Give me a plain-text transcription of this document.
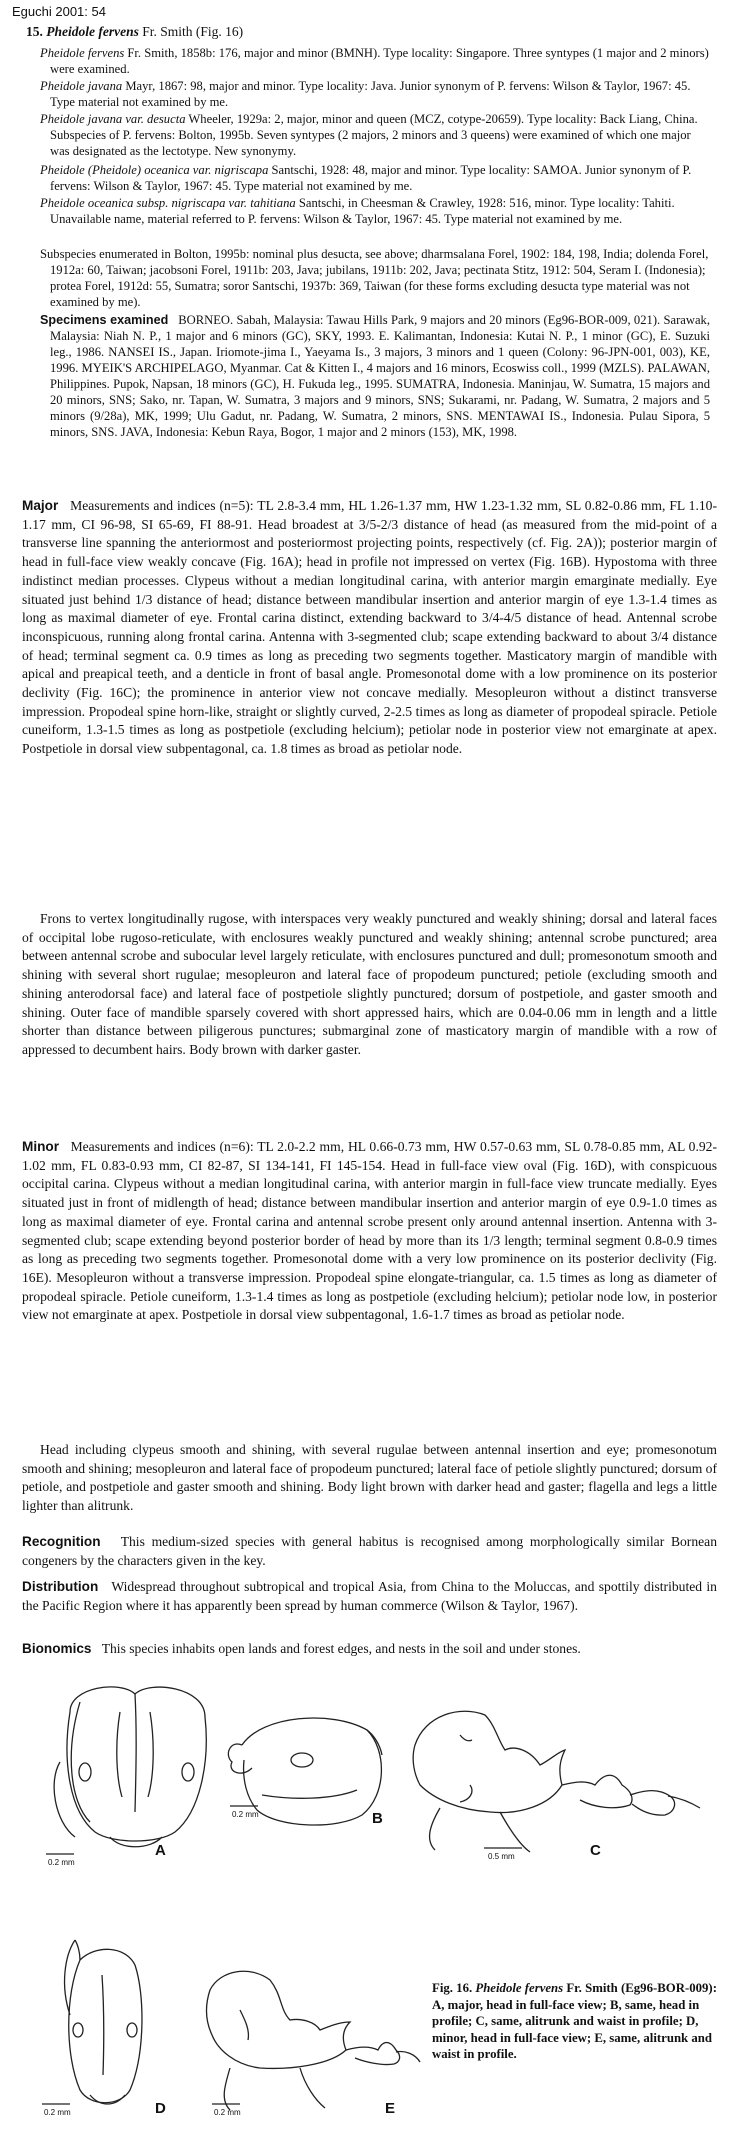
Eguchi 2001: 54
15. Pheidole fervens Fr. Smith (Fig. 16)
Pheidole fervens Fr. Smith, 1858b: 176, major and minor (BMNH). Type locality: Singapore. Three syntypes (1 major and 2 minors) were examined.
Pheidole javana Mayr, 1867: 98, major and minor. Type locality: Java. Junior synonym of P. fervens: Wilson & Taylor, 1967: 45. Type material not examined by me.
Pheidole javana var. desucta Wheeler, 1929a: 2, major, minor and queen (MCZ, cotype-20659). Type locality: Back Liang, China. Subspecies of P. fervens: Bolton, 1995b. Seven syntypes (2 majors, 2 minors and 3 queens) were examined of which one major was designated as the lectotype. New synonymy.
Pheidole (Pheidole) oceanica var. nigriscapa Santschi, 1928: 48, major and minor. Type locality: SAMOA. Junior synonym of P. fervens: Wilson & Taylor, 1967: 45. Type material not examined by me.
Pheidole oceanica subsp. nigriscapa var. tahitiana Santschi, in Cheesman & Crawley, 1928: 516, minor. Type locality: Tahiti. Unavailable name, material referred to P. fervens: Wilson & Taylor, 1967: 45. Type material not examined by me.
Subspecies enumerated in Bolton, 1995b: nominal plus desucta, see above; dharmsalana Forel, 1902: 184, 198, India; dolenda Forel, 1912a: 60, Taiwan; jacobsoni Forel, 1911b: 203, Java; jubilans, 1911b: 202, Java; pectinata Stitz, 1912: 504, Seram I. (Indonesia); protea Forel, 1912d: 55, Sumatra; soror Santschi, 1937b: 369, Taiwan (for these forms excluding desucta type material was not examined by me).
Specimens examined BORNEO. Sabah, Malaysia: Tawau Hills Park, 9 majors and 20 minors (Eg96-BOR-009, 021). Sarawak, Malaysia: Niah N. P., 1 major and 6 minors (GC), SKY, 1993. E. Kalimantan, Indonesia: Kutai N. P., 1 minor (GC), E. Suzuki leg., 1986. NANSEI IS., Japan. Iriomote-jima I., Yaeyama Is., 3 majors, 3 minors and 1 queen (Colony: 96-JPN-001, 003), KE, 1996. MYEIK'S ARCHIPELAGO, Myanmar. Cat & Kitten I., 4 majors and 16 minors, Ecoswiss coll., 1999 (MZLS). PALAWAN, Philippines. Pupok, Napsan, 18 minors (GC), H. Fukuda leg., 1995. SUMATRA, Indonesia. Maninjau, W. Sumatra, 15 majors and 20 minors, SNS; Sako, nr. Tapan, W. Sumatra, 3 majors and 9 minors, SNS; Sukarami, nr. Padang, W. Sumatra, 2 majors and 5 minors (9/28a), MK, 1999; Ulu Gadut, nr. Padang, W. Sumatra, 2 minors, SNS. MENTAWAI IS., Indonesia. Pulau Sipora, 5 minors, SNS. JAVA, Indonesia: Kebun Raya, Bogor, 1 major and 2 minors (153), MK, 1998.
Major Measurements and indices (n=5): TL 2.8-3.4 mm, HL 1.26-1.37 mm, HW 1.23-1.32 mm, SL 0.82-0.86 mm, FL 1.10-1.17 mm, CI 96-98, SI 65-69, FI 88-91. Head broadest at 3/5-2/3 distance of head (as measured from the mid-point of a transverse line spanning the anteriormost and posteriormost projecting points, respectively (cf. Fig. 2A)); posterior margin of head in full-face view weakly concave (Fig. 16A); head in profile not impressed on vertex (Fig. 16B). Hypostoma with three indistinct median processes. Clypeus without a median longitudinal carina, with anterior margin emarginate medially. Eye situated just behind 1/3 distance of head; distance between mandibular insertion and anterior margin of eye 1.3-1.4 times as long as maximal diameter of eye. Frontal carina distinct, extending backward to 3/4-4/5 distance of head. Antennal scrobe inconspicuous, running along frontal carina. Antenna with 3-segmented club; scape extending backward to about 3/4 distance of head; terminal segment ca. 0.9 times as long as preceding two segments together. Masticatory margin of mandible with apical and preapical teeth, and a denticle in front of basal angle. Promesonotal dome with a low prominence on its posterior declivity (Fig. 16C); the prominence in anterior view not concave medially. Mesopleuron without a distinct transverse impression. Propodeal spine horn-like, straight or slightly curved, 2-2.5 times as long as diameter of propodeal spiracle. Petiole cuneiform, 1.3-1.5 times as long as postpetiole (excluding helcium); petiolar node in posterior view not emarginate at apex. Postpetiole in dorsal view subpentagonal, ca. 1.8 times as broad as petiolar node.
Frons to vertex longitudinally rugose, with interspaces very weakly punctured and weakly shining; dorsal and lateral faces of occipital lobe rugoso-reticulate, with enclosures weakly punctured and weakly shining; antennal scrobe punctured; area between antennal scrobe and subocular level largely reticulate, with enclosures punctured and dull; promesonotum smooth and shining with several short rugulae; mesopleuron and lateral face of propodeum punctured; petiole (excluding smooth and shining anterodorsal face) and lateral face of postpetiole slightly punctured; dorsum of postpetiole, and gaster smooth and shining. Outer face of mandible sparsely covered with short appressed hairs, which are 0.04-0.06 mm in length and a little shorter than distance between piligerous punctures; submarginal zone of masticatory margin of mandible with a row of appressed to decumbent hairs. Body brown with darker gaster.
Minor Measurements and indices (n=6): TL 2.0-2.2 mm, HL 0.66-0.73 mm, HW 0.57-0.63 mm, SL 0.78-0.85 mm, AL 0.92-1.02 mm, FL 0.83-0.93 mm, CI 82-87, SI 134-141, FI 145-154. Head in full-face view oval (Fig. 16D), with conspicuous occipital carina. Clypeus without a median longitudinal carina, with anterior margin in full-face view truncate medially. Eyes situated just in front of midlength of head; distance between mandibular insertion and anterior margin of eye 0.9-1.0 times as long as maximal diameter of eye. Frontal carina and antennal scrobe present only around antennal insertion. Antenna with 3-segmented club; scape extending beyond posterior border of head by more than its 1/3 length; terminal segment 0.8-0.9 times as long as preceding two segments together. Promesonotal dome with a very low prominence on its posterior declivity (Fig. 16E). Mesopleuron without a transverse impression. Propodeal spine elongate-triangular, ca. 1.5 times as long as diameter of propodeal spiracle. Petiole cuneiform, 1.3-1.4 times as long as postpetiole (excluding helcium); petiolar node low, in posterior view not emarginate at apex. Postpetiole in dorsal view subpentagonal, 1.6-1.7 times as broad as petiolar node.
Head including clypeus smooth and shining, with several rugulae between antennal insertion and eye; promesonotum smooth and shining; mesopleuron and lateral face of propodeum punctured; lateral face of petiole slightly punctured; dorsum of petiole, and postpetiole and gaster smooth and shining. Body light brown with darker head and gaster; flagella and legs a little lighter than alitrunk.
Recognition This medium-sized species with general habitus is recognised among morphologically similar Bornean congeners by the characters given in the key.
Distribution Widespread throughout subtropical and tropical Asia, from China to the Moluccas, and spottily distributed in the Pacific Region where it has apparently been spread by human commerce (Wilson & Taylor, 1967).
Bionomics This species inhabits open lands and forest edges, and nests in the soil and under stones.
0.2 mm
A
0.2 mm	B
0.5 mm	C
0.2 mm	D	0.2 mm	E
Fig. 16. Pheidole fervens Fr. Smith (Eg96-BOR-009): A, major, head in full-face view; B, same, head in profile; C, same, alitrunk and waist in profile; D, minor, head in full-face view; E, same, alitrunk and waist in profile.
